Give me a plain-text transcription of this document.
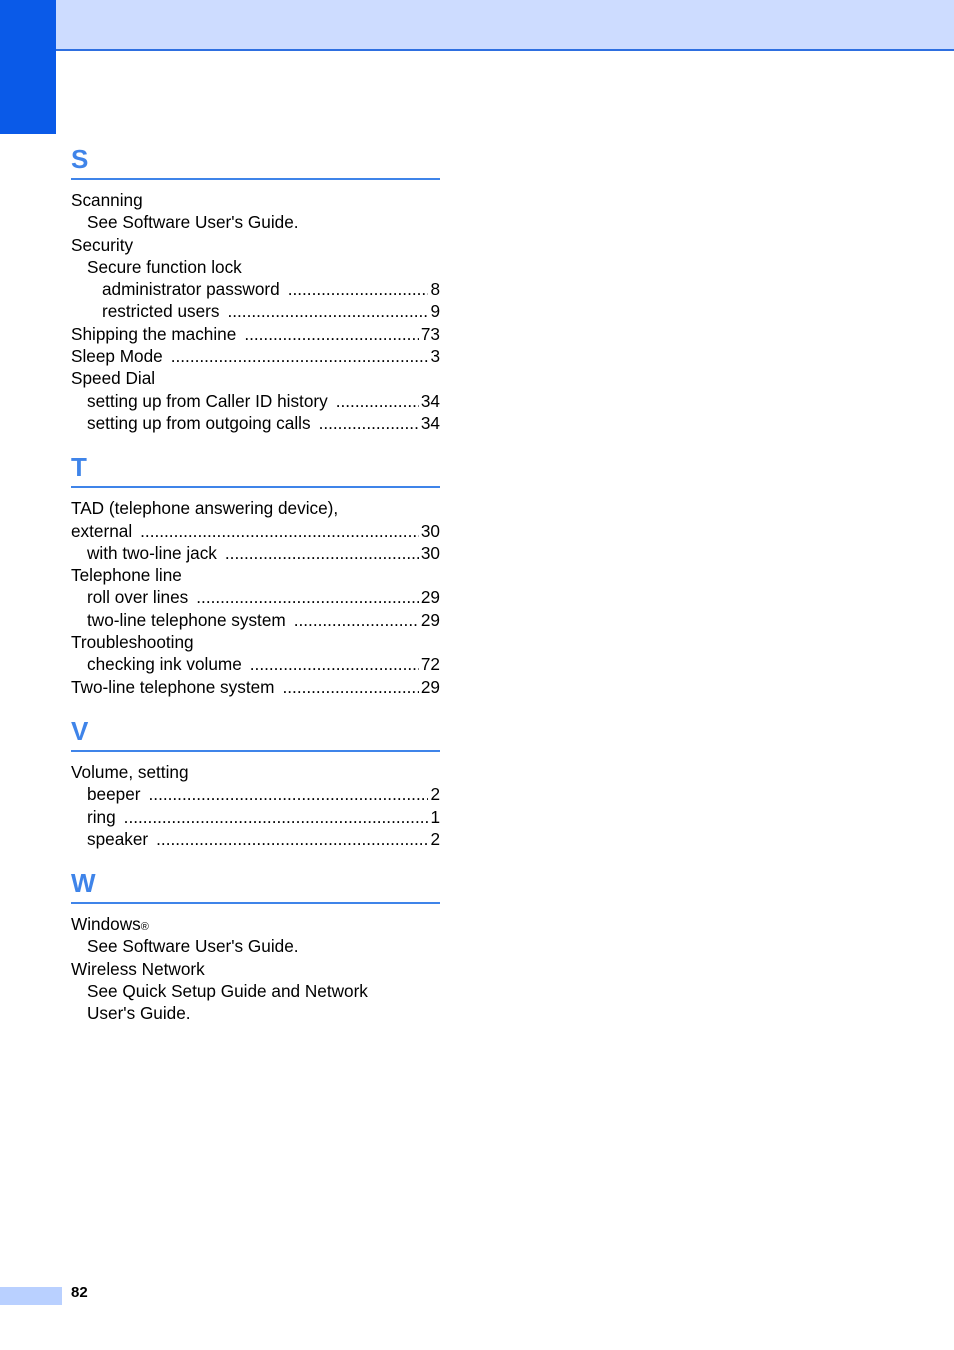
S
Scanning
See Software User's Guide.
Security
Secure function lock
administrator password .....	8
restricted users .....	9
Shipping the machine .....	73
Sleep Mode .....	3
Speed Dial
setting up from Caller ID history .....	34
setting up from outgoing calls .....	34
T
TAD (telephone answering device),
external .....	30
with two-line jack .....	30
Telephone line
roll over lines .....	29
two-line telephone system .....	29
Troubleshooting
checking ink volume .....	72
Two-line telephone system .....	29
V
Volume, setting
beeper .....	2
ring .....	1
speaker .....	2
W
Windows ®
See Software User's Guide.
Wireless Network
See Quick Setup Guide and Network
User's Guide.
82
